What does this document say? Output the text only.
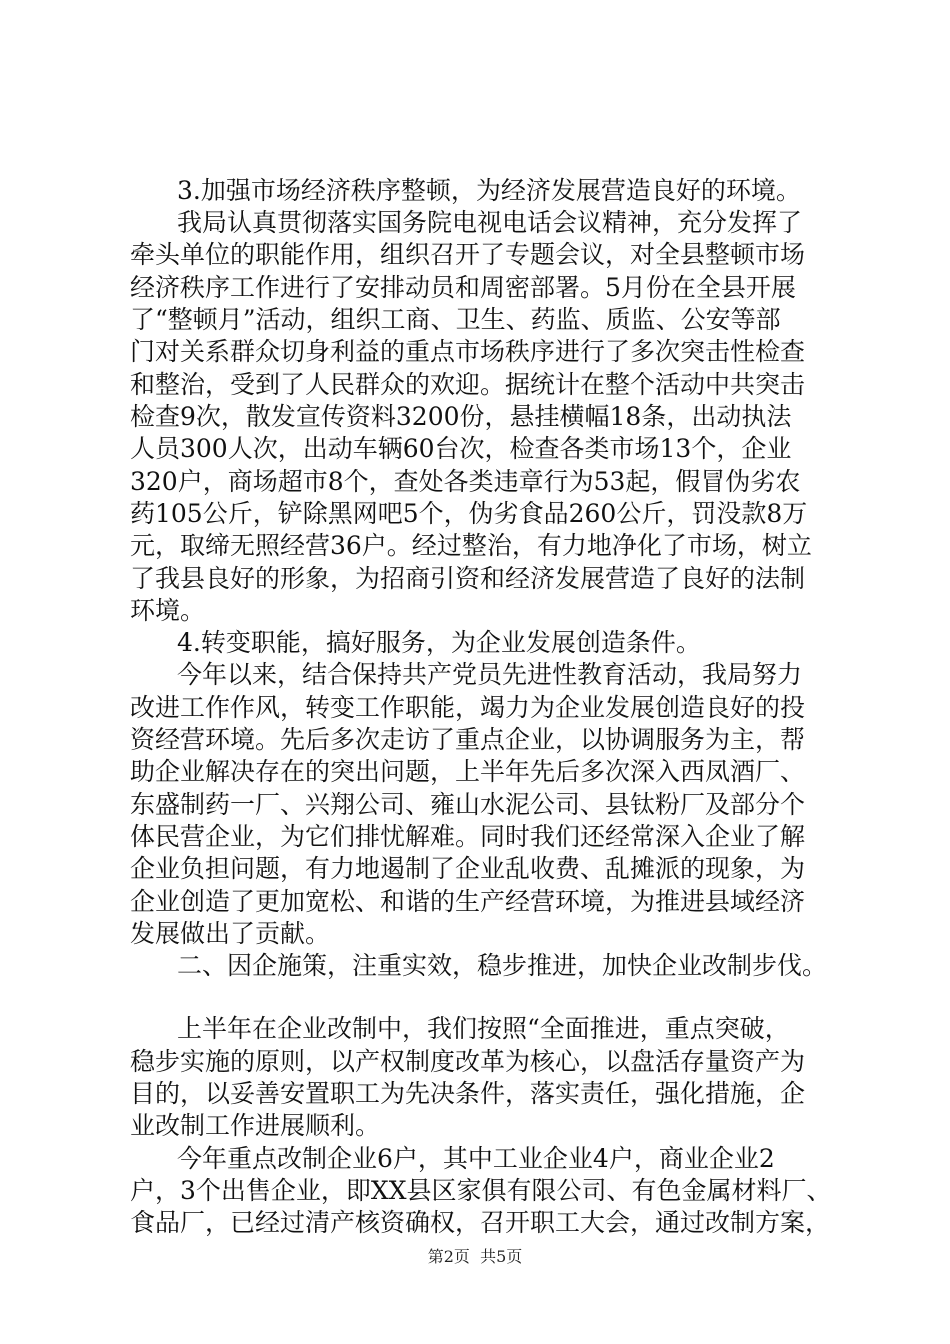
3.加强市场经济秩序整顿，为经济发展营造良好的环境。
我局认真贯彻落实国务院电视电话会议精神，充分发挥了
牵头单位的职能作用，组织召开了专题会议，对全县整顿市场
经济秩序工作进行了安排动员和周密部署。5月份在全县开展
了“整顿月”活动，组织工商、卫生、药监、质监、公安等部
门对关系群众切身利益的重点市场秩序进行了多次突击性检查
和整治，受到了人民群众的欢迎。据统计在整个活动中共突击
检查9次，散发宣传资料3200份，悬挂横幅18条，出动执法
人员300人次，出动车辆60台次，检查各类市场13个，企业
320户，商场超市8个，查处各类违章行为53起，假冒伪劣农
药105公斤，铲除黑网吧5个，伪劣食品260公斤，罚没款8万
元，取缔无照经营36户。经过整治，有力地净化了市场，树立
了我县良好的形象，为招商引资和经济发展营造了良好的法制
环境。
4.转变职能，搞好服务，为企业发展创造条件。
今年以来，结合保持共产党员先进性教育活动，我局努力
改进工作作风，转变工作职能，竭力为企业发展创造良好的投
资经营环境。先后多次走访了重点企业，以协调服务为主，帮
助企业解决存在的突出问题，上半年先后多次深入西凤酒厂、
东盛制药一厂、兴翔公司、雍山水泥公司、县钛粉厂及部分个
体民营企业，为它们排忧解难。同时我们还经常深入企业了解
企业负担问题，有力地遏制了企业乱收费、乱摊派的现象，为
企业创造了更加宽松、和谐的生产经营环境，为推进县域经济
发展做出了贡献。
二、因企施策，注重实效，稳步推进，加快企业改制步伐。
上半年在企业改制中，我们按照“全面推进，重点突破，
稳步实施的原则，以产权制度改革为核心，以盘活存量资产为
目的，以妥善安置职工为先决条件，落实责任，强化措施，企
业改制工作进展顺利。
今年重点改制企业6户，其中工业企业4户，商业企业2
户，3个出售企业，即XX县区家俱有限公司、有色金属材料厂、
食品厂，已经过清产核资确权，召开职工大会，通过改制方案，
第2页  共5页
